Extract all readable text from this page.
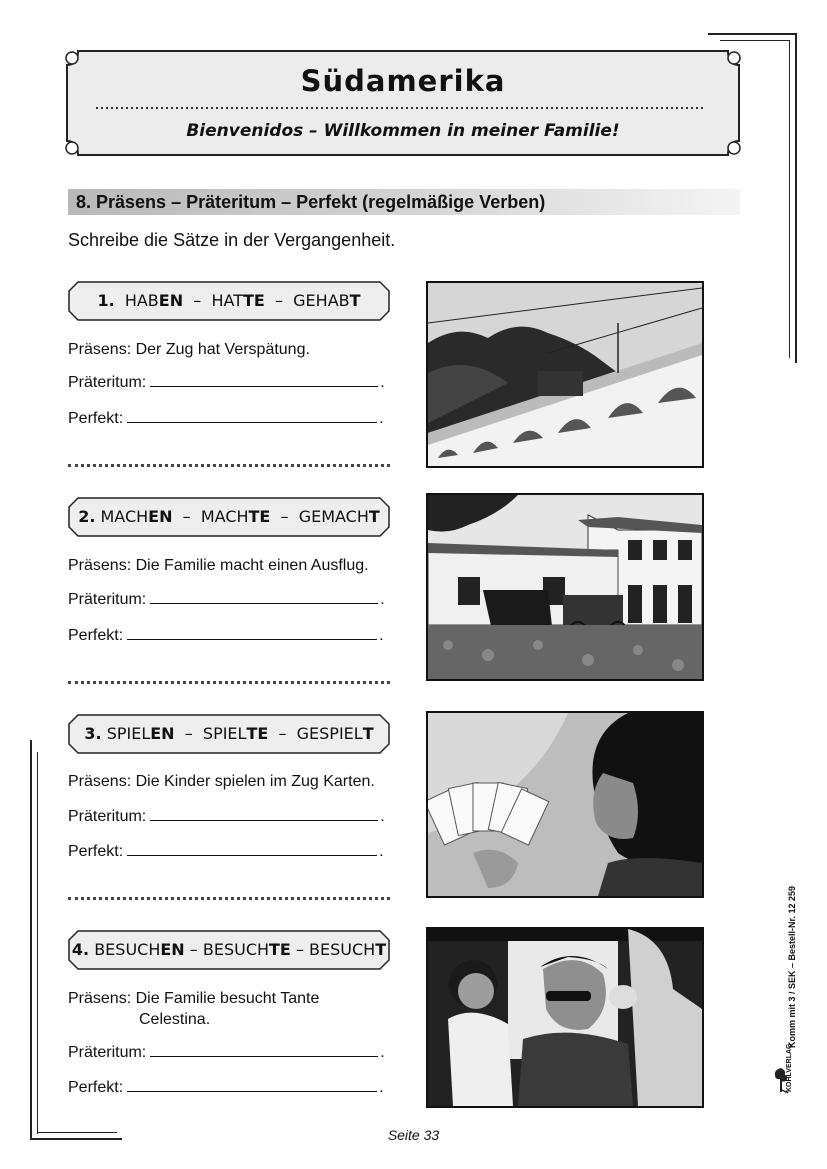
Südamerika
Bienvenidos – Willkommen in meiner Familie!
8. Präsens – Präteritum – Perfekt (regelmäßige Verben)
Schreibe die Sätze in der Vergangenheit.
1. HABEN  –  HATTE  –  GEHABT
Präsens: Der Zug hat Verspätung.
Präteritum:	.
Perfekt:	.
2. MACHEN  –  MACHTE  –  GEMACHT
Präsens: Die Familie macht einen Ausflug.
Präteritum:	.
Perfekt:	.
3. SPIELEN  –  SPIELTE  –  GESPIELT
Präsens: Die Kinder spielen im Zug Karten.
Präteritum:	.
Perfekt:	.
4. BESUCHEN – BESUCHTE – BESUCHT
Präsens: Die Familie besucht Tante
Celestina.
Präteritum:	.
Perfekt:	.
Komm mit 3 / SEK – Bestell-Nr. 12 259
KOHLVERLAG
Seite 33
